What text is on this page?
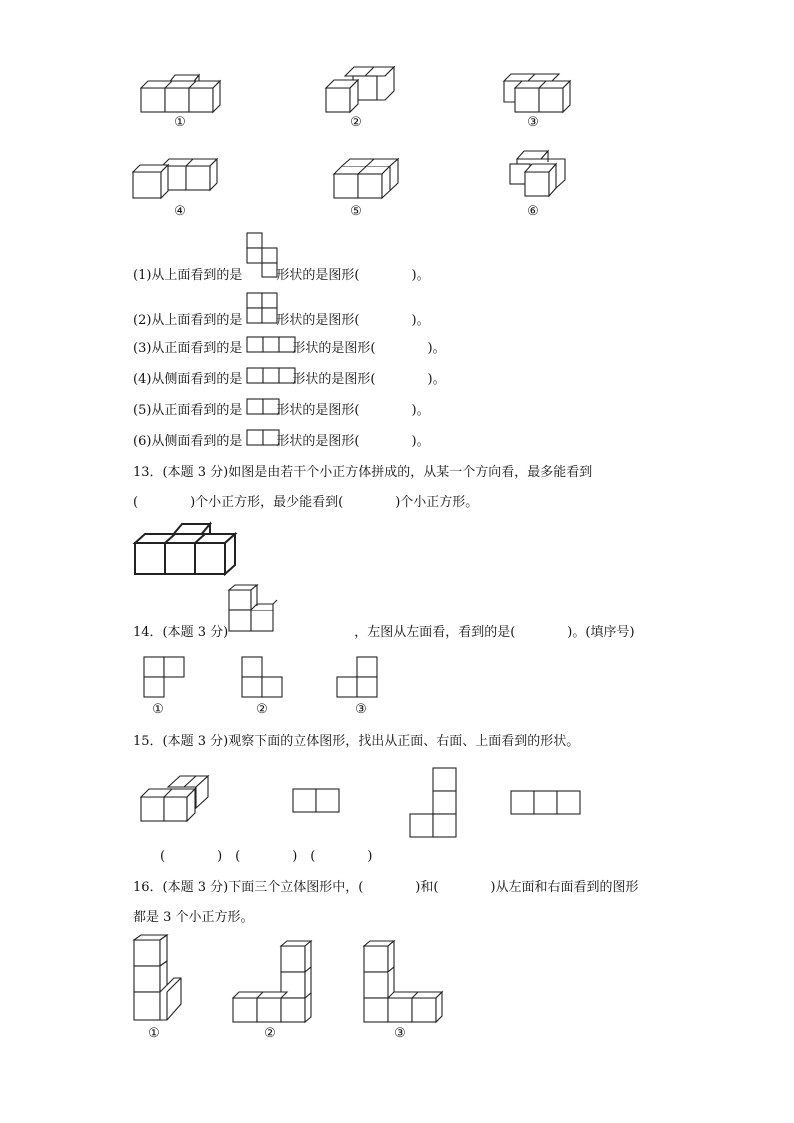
①	②	③
④	⑤	⑥
(1)从上面看到的是	形状的是图形(　　　　)。
(2)从上面看到的是	形状的是图形(　　　　)。
(3)从正面看到的是	形状的是图形(　　　　)。
(4)从侧面看到的是	形状的是图形(　　　　)。
(5)从正面看到的是	形状的是图形(　　　　)。
(6)从侧面看到的是	形状的是图形(　　　　)。
13．(本题 3 分)如图是由若干个小正方体拼成的，从某一个方向看，最多能看到
(　　　　)个小正方形，最少能看到(　　　　)个小正方形。
14．(本题 3 分)	，左图从左面看，看到的是(　　　　)。(填序号)
①	②	③
15．(本题 3 分)观察下面的立体图形，找出从正面、右面、上面看到的形状。
(　　　　)　(　　　　)　(　　　　)
16．(本题 3 分)下面三个立体图形中，(　　　　)和(　　　　)从左面和右面看到的图形
都是 3 个小正方形。
①	②	③
